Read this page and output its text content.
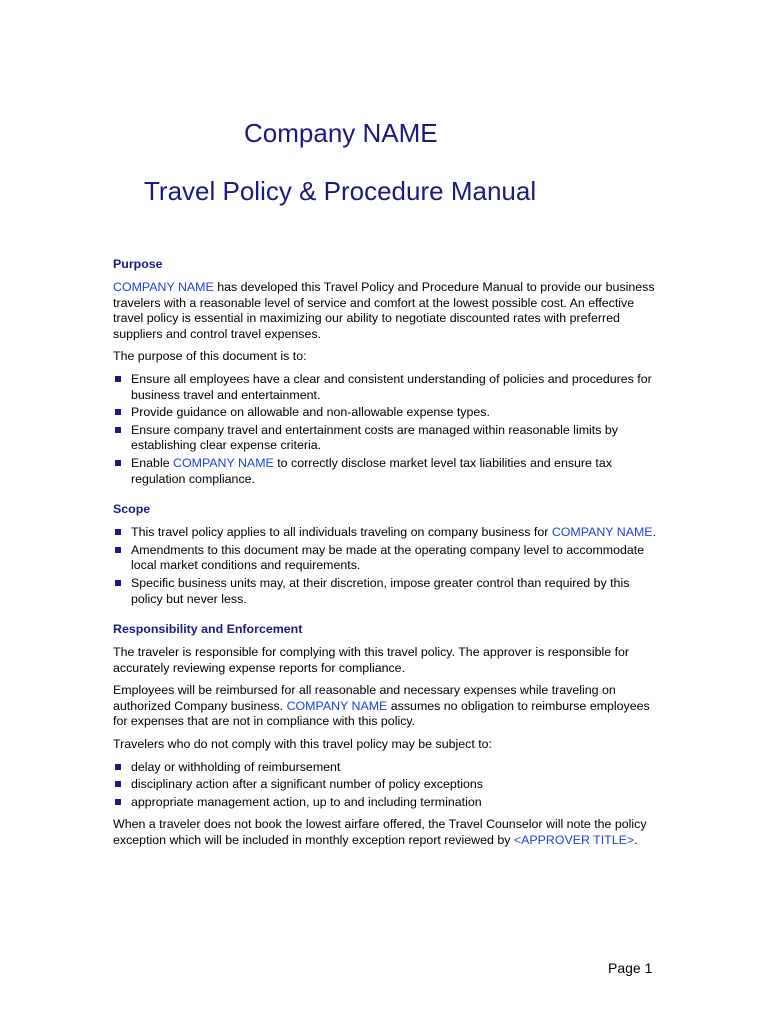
Company NAME
Travel Policy & Procedure Manual
Purpose

COMPANY NAME has developed this Travel Policy and Procedure Manual to provide our business travelers with a reasonable level of service and comfort at the lowest possible cost. An effective travel policy is essential in maximizing our ability to negotiate discounted rates with preferred suppliers and control travel expenses.

The purpose of this document is to:

Ensure all employees have a clear and consistent understanding of policies and procedures for business travel and entertainment.
Provide guidance on allowable and non-allowable expense types.
Ensure company travel and entertainment costs are managed within reasonable limits by establishing clear expense criteria.
Enable COMPANY NAME to correctly disclose market level tax liabilities and ensure tax regulation compliance.
Scope
This travel policy applies to all individuals traveling on company business for COMPANY NAME.
Amendments to this document may be made at the operating company level to accommodate local market conditions and requirements.
Specific business units may, at their discretion, impose greater control than required by this policy but never less.
Responsibility and Enforcement

The traveler is responsible for complying with this travel policy. The approver is responsible for accurately reviewing expense reports for compliance.

Employees will be reimbursed for all reasonable and necessary expenses while traveling on authorized Company business. COMPANY NAME assumes no obligation to reimburse employees for expenses that are not in compliance with this policy.

Travelers who do not comply with this travel policy may be subject to:

delay or withholding of reimbursement
disciplinary action after a significant number of policy exceptions
appropriate management action, up to and including termination

When a traveler does not book the lowest airfare offered, the Travel Counselor will note the policy exception which will be included in monthly exception report reviewed by <APPROVER TITLE>.

Page 1
